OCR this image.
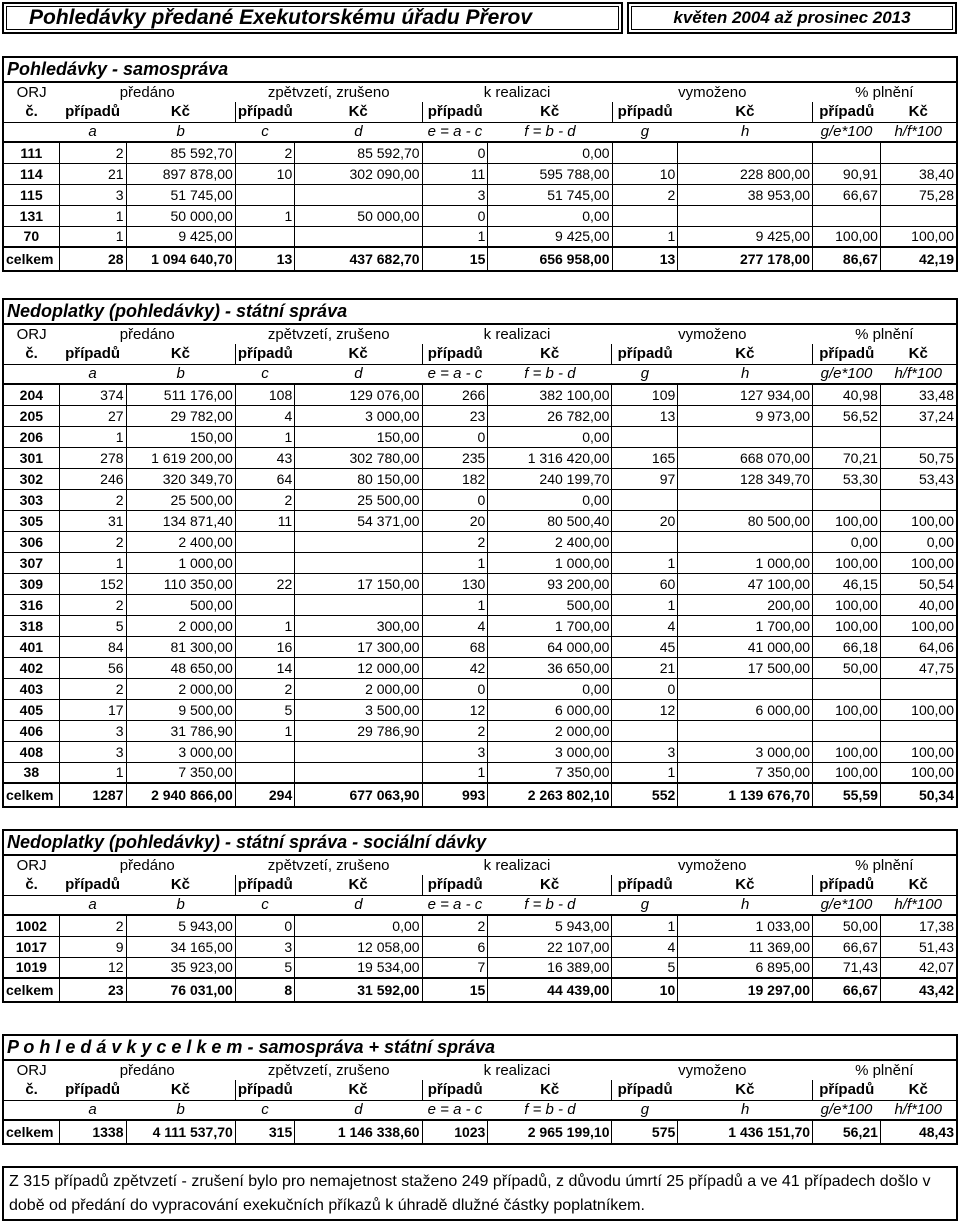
Pohledávky předané Exekutorskému úřadu Přerov	květen 2004 až prosinec 2013
Pohledávky - samospráva										
ORJ	předáno		zpětvzetí, zrušeno		k realizaci		vymoženo		% plnění	
č.	případů	Kč	případů	Kč	případů	Kč	případů	Kč	případů	Kč
	a	b	c	d	e = a - c	f = b - d	g	h	g/e*100	h/f*100
111	2	85 592,70	2	85 592,70	0	0,00				
114	21	897 878,00	10	302 090,00	11	595 788,00	10	228 800,00	90,91	38,40
115	3	51 745,00			3	51 745,00	2	38 953,00	66,67	75,28
131	1	50 000,00	1	50 000,00	0	0,00				
70	1	9 425,00			1	9 425,00	1	9 425,00	100,00	100,00
celkem	28	1 094 640,70	13	437 682,70	15	656 958,00	13	277 178,00	86,67	42,19
Nedoplatky (pohledávky) - státní správa										
ORJ	předáno		zpětvzetí, zrušeno		k realizaci		vymoženo		% plnění	
č.	případů	Kč	případů	Kč	případů	Kč	případů	Kč	případů	Kč
	a	b	c	d	e = a - c	f = b - d	g	h	g/e*100	h/f*100
204	374	511 176,00	108	129 076,00	266	382 100,00	109	127 934,00	40,98	33,48
205	27	29 782,00	4	3 000,00	23	26 782,00	13	9 973,00	56,52	37,24
206	1	150,00	1	150,00	0	0,00				
301	278	1 619 200,00	43	302 780,00	235	1 316 420,00	165	668 070,00	70,21	50,75
302	246	320 349,70	64	80 150,00	182	240 199,70	97	128 349,70	53,30	53,43
303	2	25 500,00	2	25 500,00	0	0,00				
305	31	134 871,40	11	54 371,00	20	80 500,40	20	80 500,00	100,00	100,00
306	2	2 400,00			2	2 400,00			0,00	0,00
307	1	1 000,00			1	1 000,00	1	1 000,00	100,00	100,00
309	152	110 350,00	22	17 150,00	130	93 200,00	60	47 100,00	46,15	50,54
316	2	500,00			1	500,00	1	200,00	100,00	40,00
318	5	2 000,00	1	300,00	4	1 700,00	4	1 700,00	100,00	100,00
401	84	81 300,00	16	17 300,00	68	64 000,00	45	41 000,00	66,18	64,06
402	56	48 650,00	14	12 000,00	42	36 650,00	21	17 500,00	50,00	47,75
403	2	2 000,00	2	2 000,00	0	0,00	0			
405	17	9 500,00	5	3 500,00	12	6 000,00	12	6 000,00	100,00	100,00
406	3	31 786,90	1	29 786,90	2	2 000,00				
408	3	3 000,00			3	3 000,00	3	3 000,00	100,00	100,00
38	1	7 350,00			1	7 350,00	1	7 350,00	100,00	100,00
celkem	1287	2 940 866,00	294	677 063,90	993	2 263 802,10	552	1 139 676,70	55,59	50,34
Nedoplatky (pohledávky) - státní správa - sociální dávky										
ORJ	předáno		zpětvzetí, zrušeno		k realizaci		vymoženo		% plnění	
č.	případů	Kč	případů	Kč	případů	Kč	případů	Kč	případů	Kč
	a	b	c	d	e = a - c	f = b - d	g	h	g/e*100	h/f*100
1002	2	5 943,00	0	0,00	2	5 943,00	1	1 033,00	50,00	17,38
1017	9	34 165,00	3	12 058,00	6	22 107,00	4	11 369,00	66,67	51,43
1019	12	35 923,00	5	19 534,00	7	16 389,00	5	6 895,00	71,43	42,07
celkem	23	76 031,00	8	31 592,00	15	44 439,00	10	19 297,00	66,67	43,42
P o h l e d á v k y c e l k e m - samospráva + státní správa										
ORJ	předáno		zpětvzetí, zrušeno		k realizaci		vymoženo		% plnění	
č.	případů	Kč	případů	Kč	případů	Kč	případů	Kč	případů	Kč
	a	b	c	d	e = a - c	f = b - d	g	h	g/e*100	h/f*100
celkem	1338	4 111 537,70	315	1 146 338,60	1023	2 965 199,10	575	1 436 151,70	56,21	48,43
Z 315 případů zpětvzetí - zrušení bylo pro nemajetnost staženo 249 případů, z důvodu úmrtí 25 případů a ve 41 případech došlo v době od předání do vypracování exekučních příkazů k úhradě dlužné částky poplatníkem.
